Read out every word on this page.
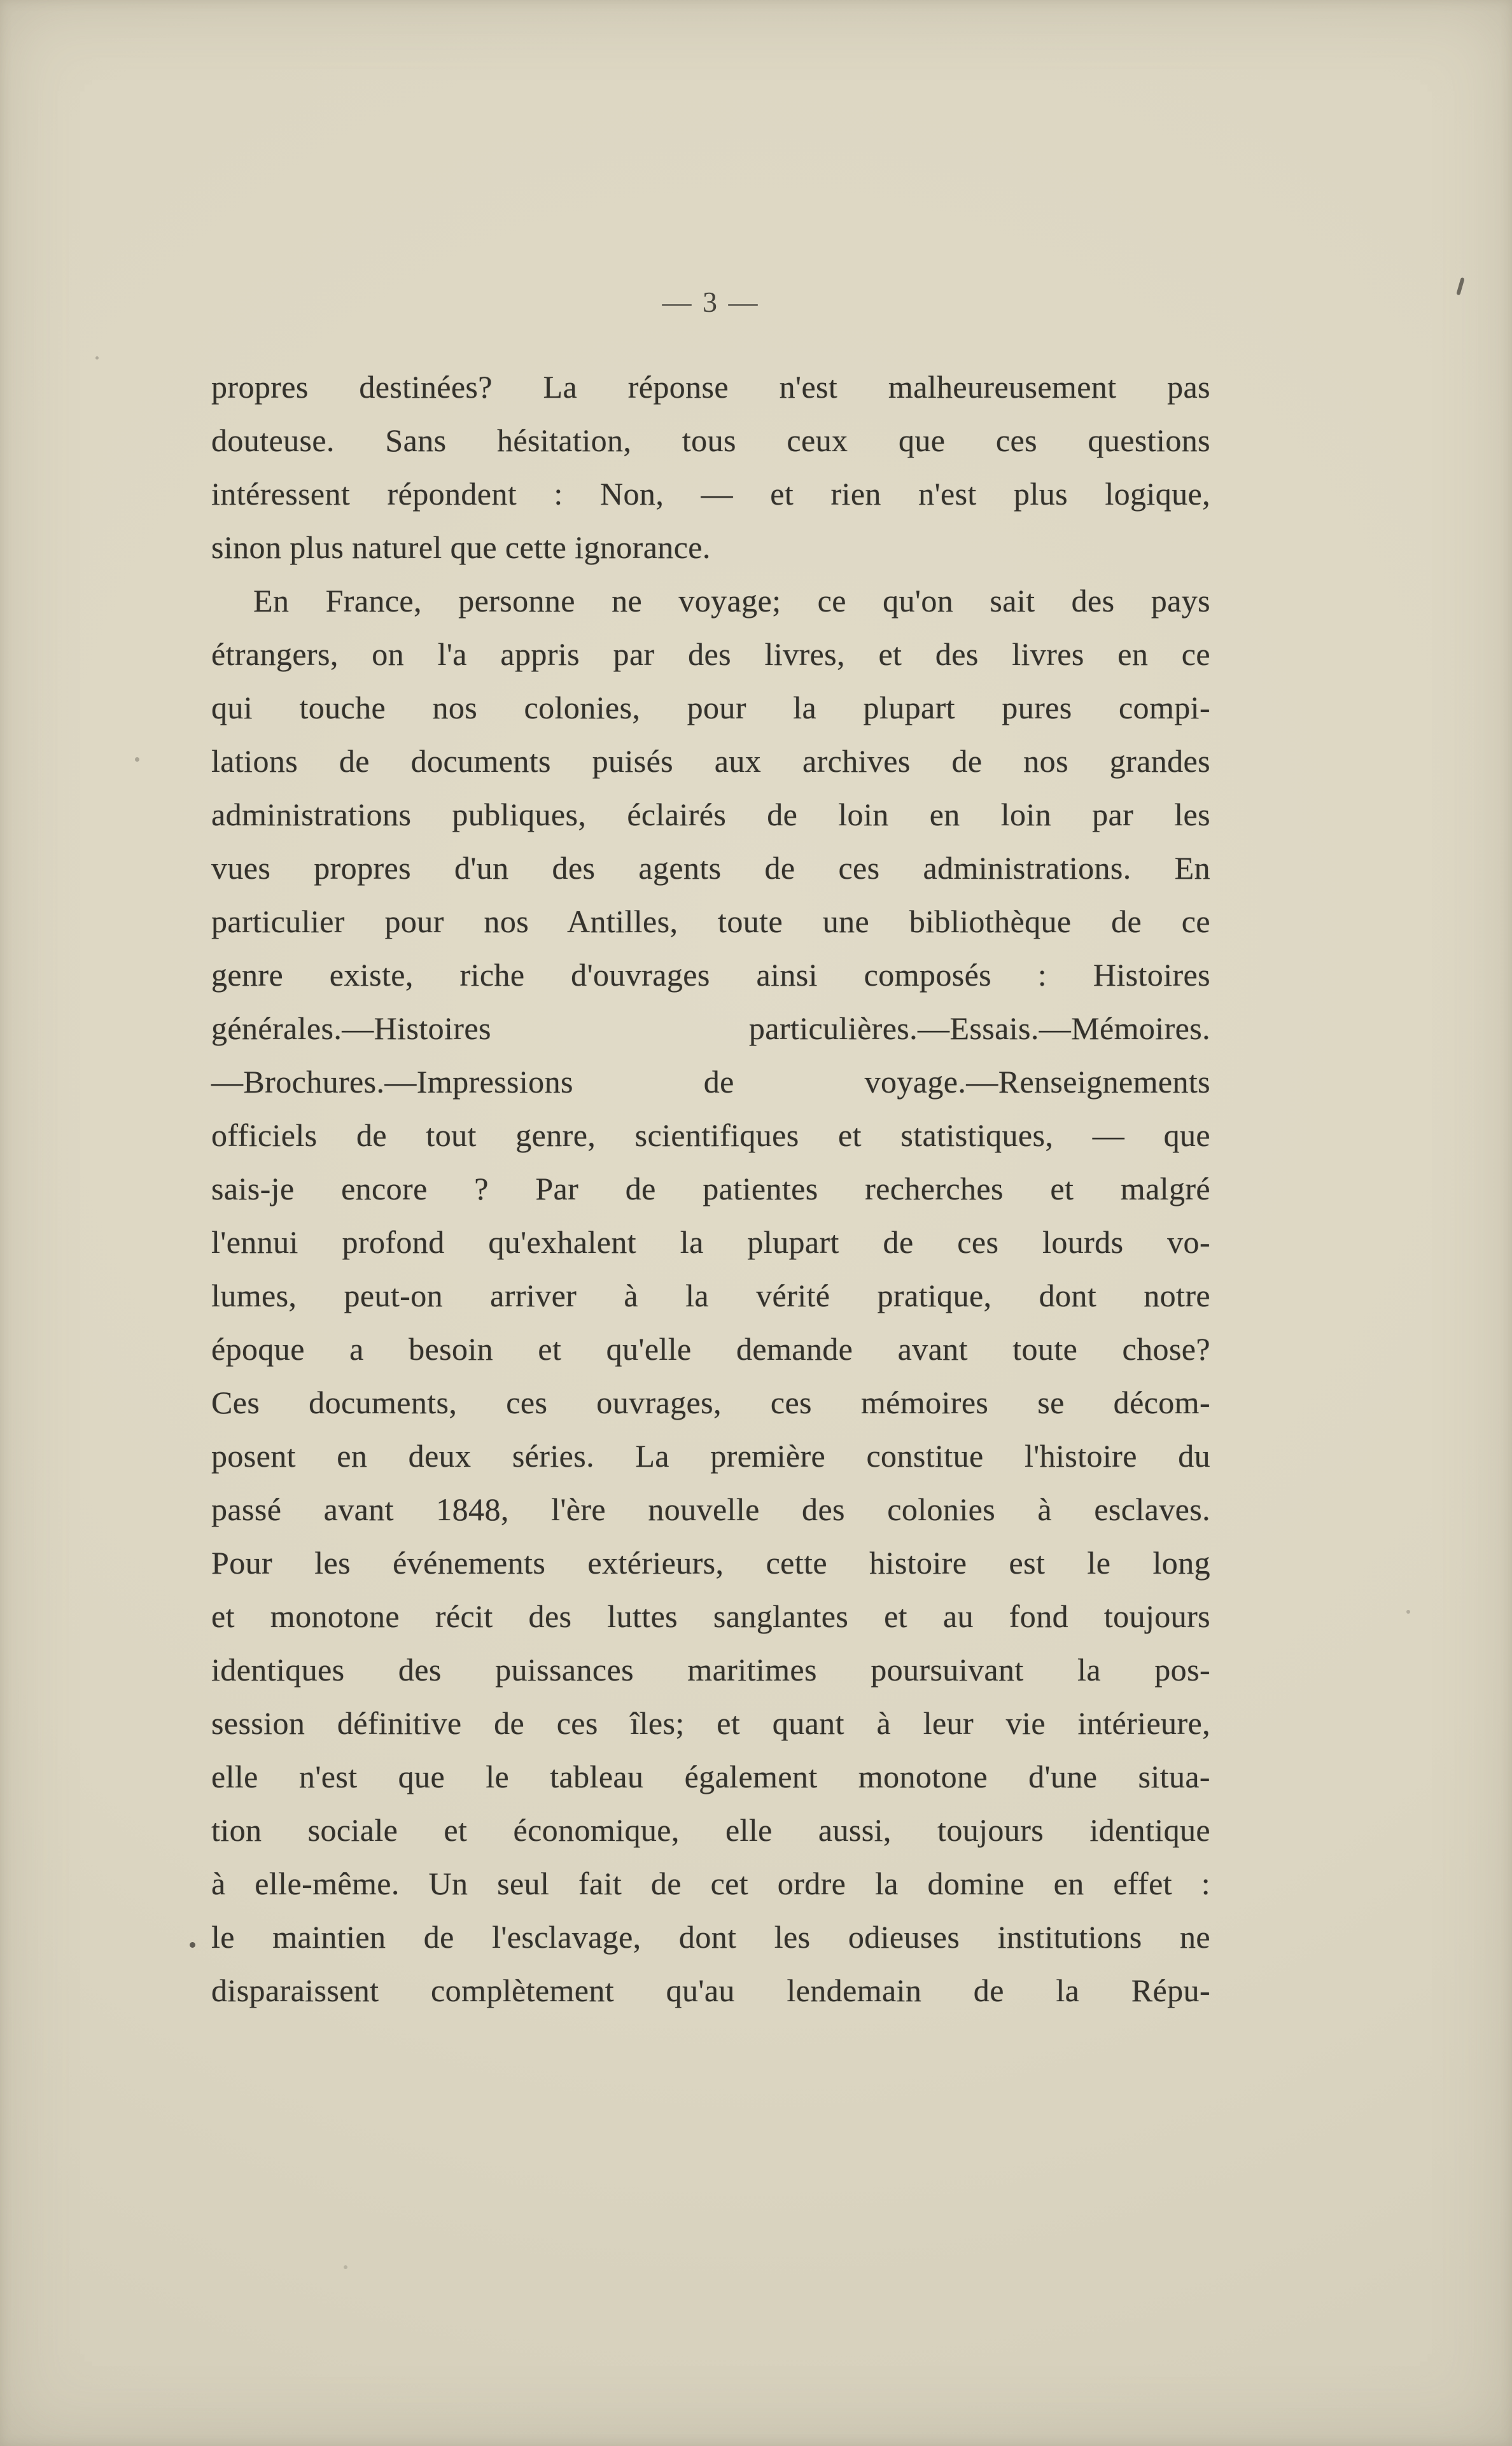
— 3 —
propres destinées? La réponse n'est malheureusement pas
douteuse. Sans hésitation, tous ceux que ces questions
intéressent répondent : Non, — et rien n'est plus logique,
sinon plus naturel que cette ignorance.
En France, personne ne voyage; ce qu'on sait des pays
étrangers, on l'a appris par des livres, et des livres en ce
qui touche nos colonies, pour la plupart pures compi-
lations de documents puisés aux archives de nos grandes
administrations publiques, éclairés de loin en loin par les
vues propres d'un des agents de ces administrations. En
particulier pour nos Antilles, toute une bibliothèque de ce
genre existe, riche d'ouvrages ainsi composés : Histoires
générales.—Histoires particulières.—Essais.—Mémoires.
—Brochures.—Impressions de voyage.—Renseignements
officiels de tout genre, scientifiques et statistiques, — que
sais-je encore ? Par de patientes recherches et malgré
l'ennui profond qu'exhalent la plupart de ces lourds vo-
lumes, peut-on arriver à la vérité pratique, dont notre
époque a besoin et qu'elle demande avant toute chose?
Ces documents, ces ouvrages, ces mémoires se décom-
posent en deux séries. La première constitue l'histoire du
passé avant 1848, l'ère nouvelle des colonies à esclaves.
Pour les événements extérieurs, cette histoire est le long
et monotone récit des luttes sanglantes et au fond toujours
identiques des puissances maritimes poursuivant la pos-
session définitive de ces îles; et quant à leur vie intérieure,
elle n'est que le tableau également monotone d'une situa-
tion sociale et économique, elle aussi, toujours identique
à elle-même. Un seul fait de cet ordre la domine en effet :
le maintien de l'esclavage, dont les odieuses institutions ne
disparaissent complètement qu'au lendemain de la Répu-
